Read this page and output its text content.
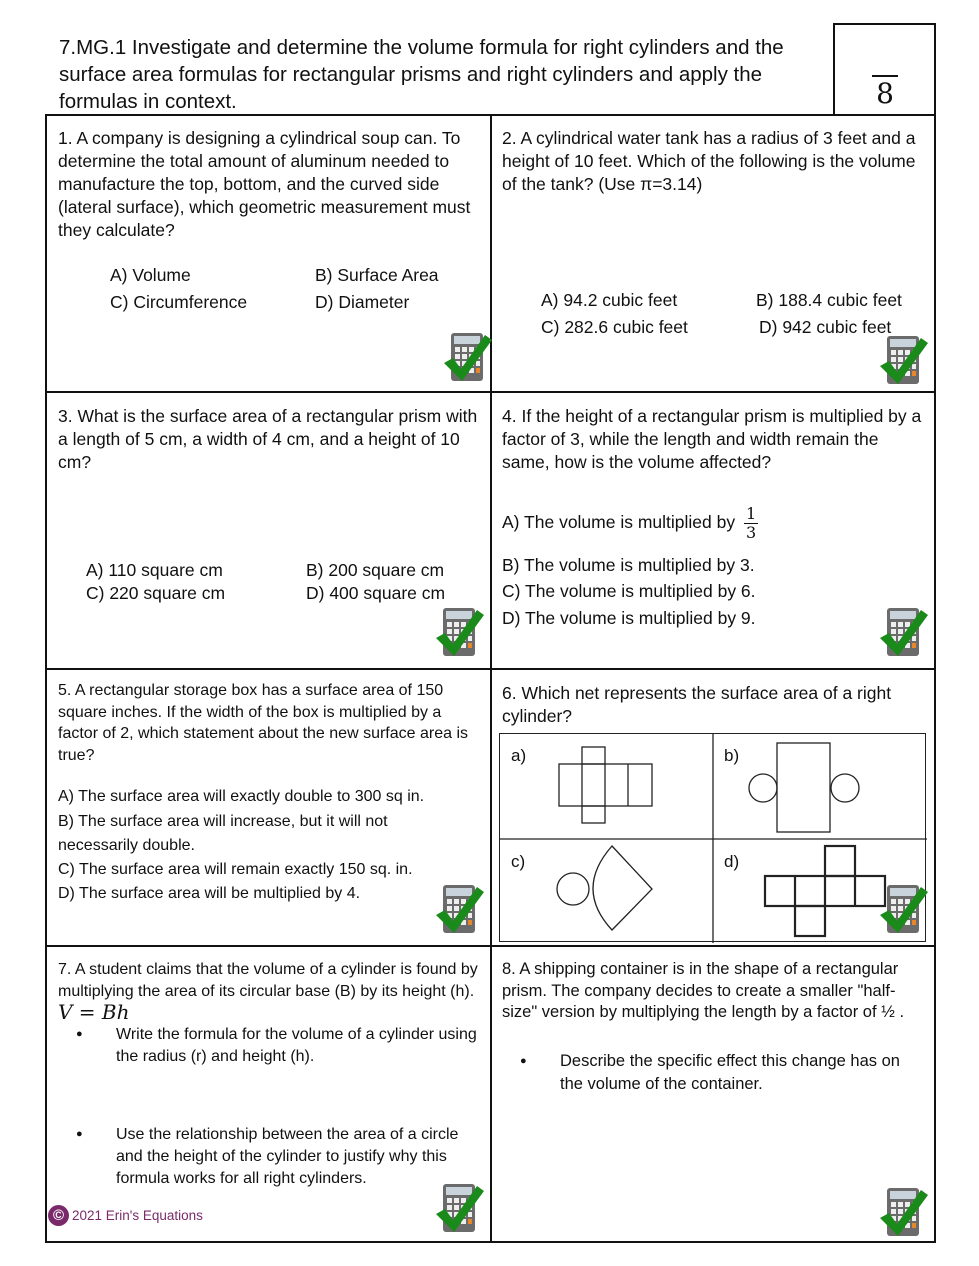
7.MG.1 Investigate and determine the volume formula for right cylinders and the surface area formulas for rectangular prisms and right cylinders and apply the formulas in context.	8
1. A company is designing a cylindrical soup can. To determine the total amount of aluminum needed to manufacture the top, bottom, and the curved side (lateral surface), which geometric measurement must they calculate?
A) Volume	B) Surface Area
C) Circumference	D) Diameter
2. A cylindrical water tank has a radius of 3 feet and a height of 10 feet. Which of the following is the volume of the tank? (Use π=3.14)
A) 94.2 cubic feet	B) 188.4 cubic feet
C) 282.6 cubic feet	D) 942 cubic feet
3. What is the surface area of a rectangular prism with a length of 5 cm, a width of 4 cm, and a height of 10 cm?
A) 110 square cm	B) 200 square cm
C) 220 square cm	D) 400 square cm
4. If the height of a rectangular prism is multiplied by a factor of 3, while the length and width remain the same, how is the volume affected?
A) The volume is multiplied by $\frac{1}{3}$
B) The volume is multiplied by 3.
C) The volume is multiplied by 6.
D) The volume is multiplied by 9.
5. A rectangular storage box has a surface area of 150 square inches. If the width of the box is multiplied by a factor of 2, which statement about the new surface area is true?
A) The surface area will exactly double to 300 sq in.
B) The surface area will increase, but it will not necessarily double.
C) The surface area will remain exactly 150 sq. in.
D) The surface area will be multiplied by 4.
6. Which net represents the surface area of a right cylinder?
a)	b)
c)	d)
7. A student claims that the volume of a cylinder is found by multiplying the area of its circular base (B) by its height (h). V = Bh
● Write the formula for the volume of a cylinder using the radius (r) and height (h).
● Use the relationship between the area of a circle and the height of the cylinder to justify why this formula works for all right cylinders.
© 2021 Erin's Equations
8. A shipping container is in the shape of a rectangular prism. The company decides to create a smaller "half-size" version by multiplying the length by a factor of ½ .
● Describe the specific effect this change has on the volume of the container.
